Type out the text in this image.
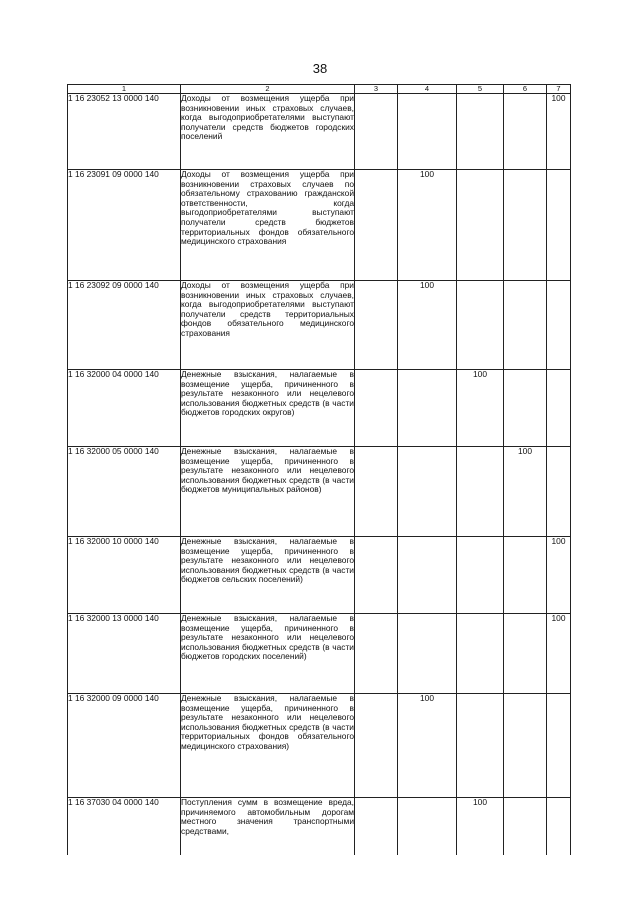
38
1	2	3	4	5	6	7
1 16 23052 13 0000 140	Доходы от возмещения ущерба при возникновении иных страховых случаев, когда выгодоприобретателями выступают получатели средств бюджетов городских поселений					100
1 16 23091 09 0000 140	Доходы от возмещения ущерба при возникновении страховых случаев по обязательному страхованию гражданской ответственности, когда выгодоприобретателями выступают получатели средств бюджетов территориальных фондов обязательного медицинского страхования		100			
1 16 23092 09 0000 140	Доходы от возмещения ущерба при возникновении иных страховых случаев, когда выгодоприобретателями выступают получатели средств территориальных фондов обязательного медицинского страхования		100			
1 16 32000 04 0000 140	Денежные взыскания, налагаемые в возмещение ущерба, причиненного в результате незаконного или нецелевого использования бюджетных средств (в части бюджетов городских округов)			100		
1 16 32000 05 0000 140	Денежные взыскания, налагаемые в возмещение ущерба, причиненного в результате незаконного или нецелевого использования бюджетных средств (в части бюджетов муниципальных районов)				100	
1 16 32000 10 0000 140	Денежные взыскания, налагаемые в возмещение ущерба, причиненного в результате незаконного или нецелевого использования бюджетных средств (в части бюджетов сельских поселений)					100
1 16 32000 13 0000 140	Денежные взыскания, налагаемые в возмещение ущерба, причиненного в результате незаконного или нецелевого использования бюджетных средств (в части бюджетов городских поселений)					100
1 16 32000 09 0000 140	Денежные взыскания, налагаемые в возмещение ущерба, причиненного в результате незаконного или нецелевого использования бюджетных средств (в части территориальных фондов обязательного медицинского страхования)		100			
1 16 37030 04 0000 140	Поступления сумм в возмещение вреда, причиняемого автомобильным дорогам местного значения транспортными средствами,			100		
